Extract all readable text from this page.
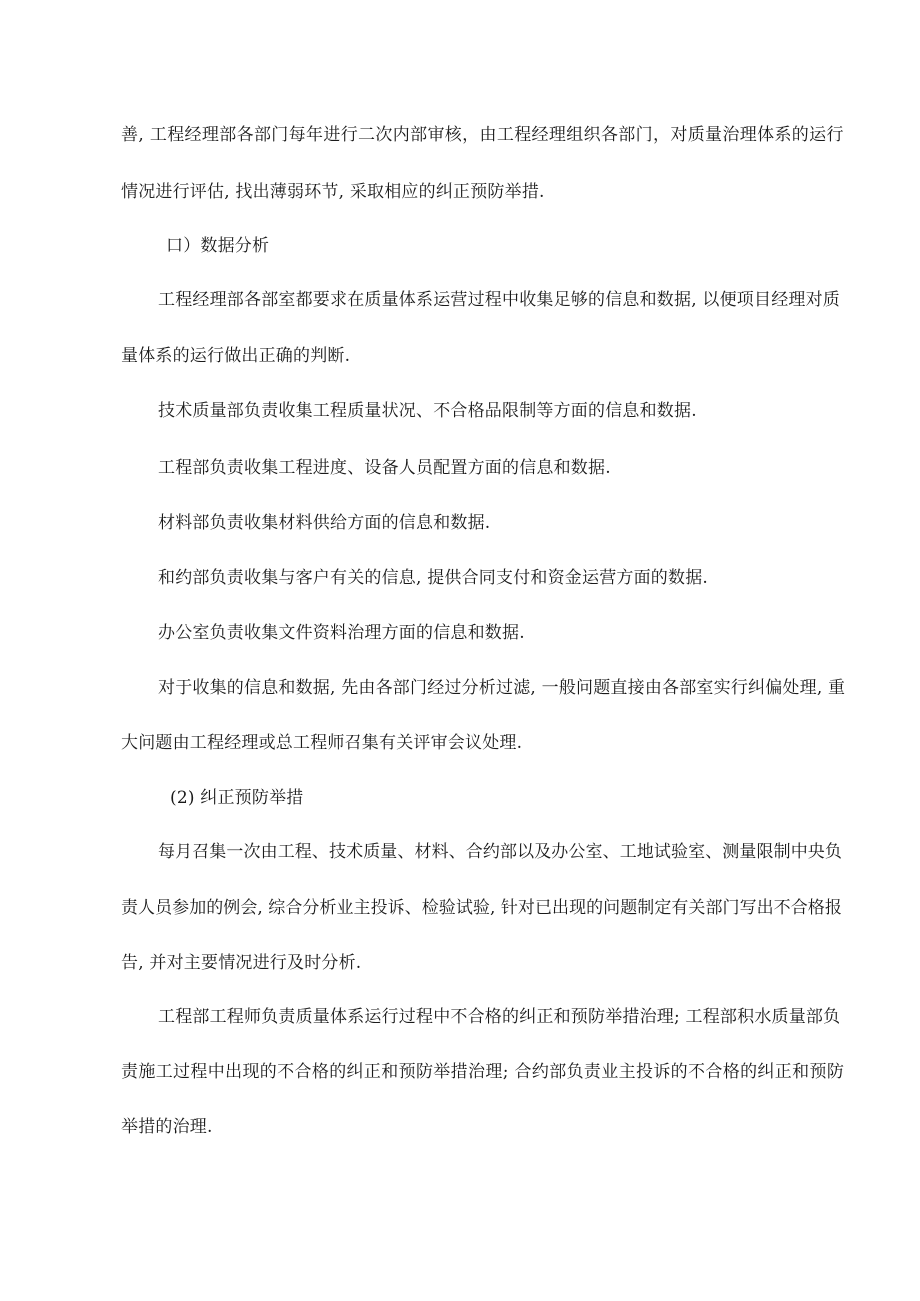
善, 工程经理部各部门每年进行二次内部审核，由工程经理组织各部门，对质量治理体系的运行
情况进行评估, 找出薄弱环节, 采取相应的纠正预防举措.
口）数据分析
工程经理部各部室都要求在质量体系运营过程中收集足够的信息和数据, 以便项目经理对质
量体系的运行做出正确的判断.
技术质量部负责收集工程质量状况、不合格品限制等方面的信息和数据.
工程部负责收集工程进度、设备人员配置方面的信息和数据.
材料部负责收集材料供给方面的信息和数据.
和约部负责收集与客户有关的信息, 提供合同支付和资金运营方面的数据.
办公室负责收集文件资料治理方面的信息和数据.
对于收集的信息和数据, 先由各部门经过分析过滤, 一般问题直接由各部室实行纠偏处理, 重
大问题由工程经理或总工程师召集有关评审会议处理.
(2) 纠正预防举措
每月召集一次由工程、技术质量、材料、合约部以及办公室、工地试验室、测量限制中央负
责人员参加的例会, 综合分析业主投诉、检验试验, 针对已出现的问题制定有关部门写出不合格报
告, 并对主要情况进行及时分析.
工程部工程师负责质量体系运行过程中不合格的纠正和预防举措治理; 工程部积水质量部负
责施工过程中出现的不合格的纠正和预防举措治理; 合约部负责业主投诉的不合格的纠正和预防
举措的治理.
